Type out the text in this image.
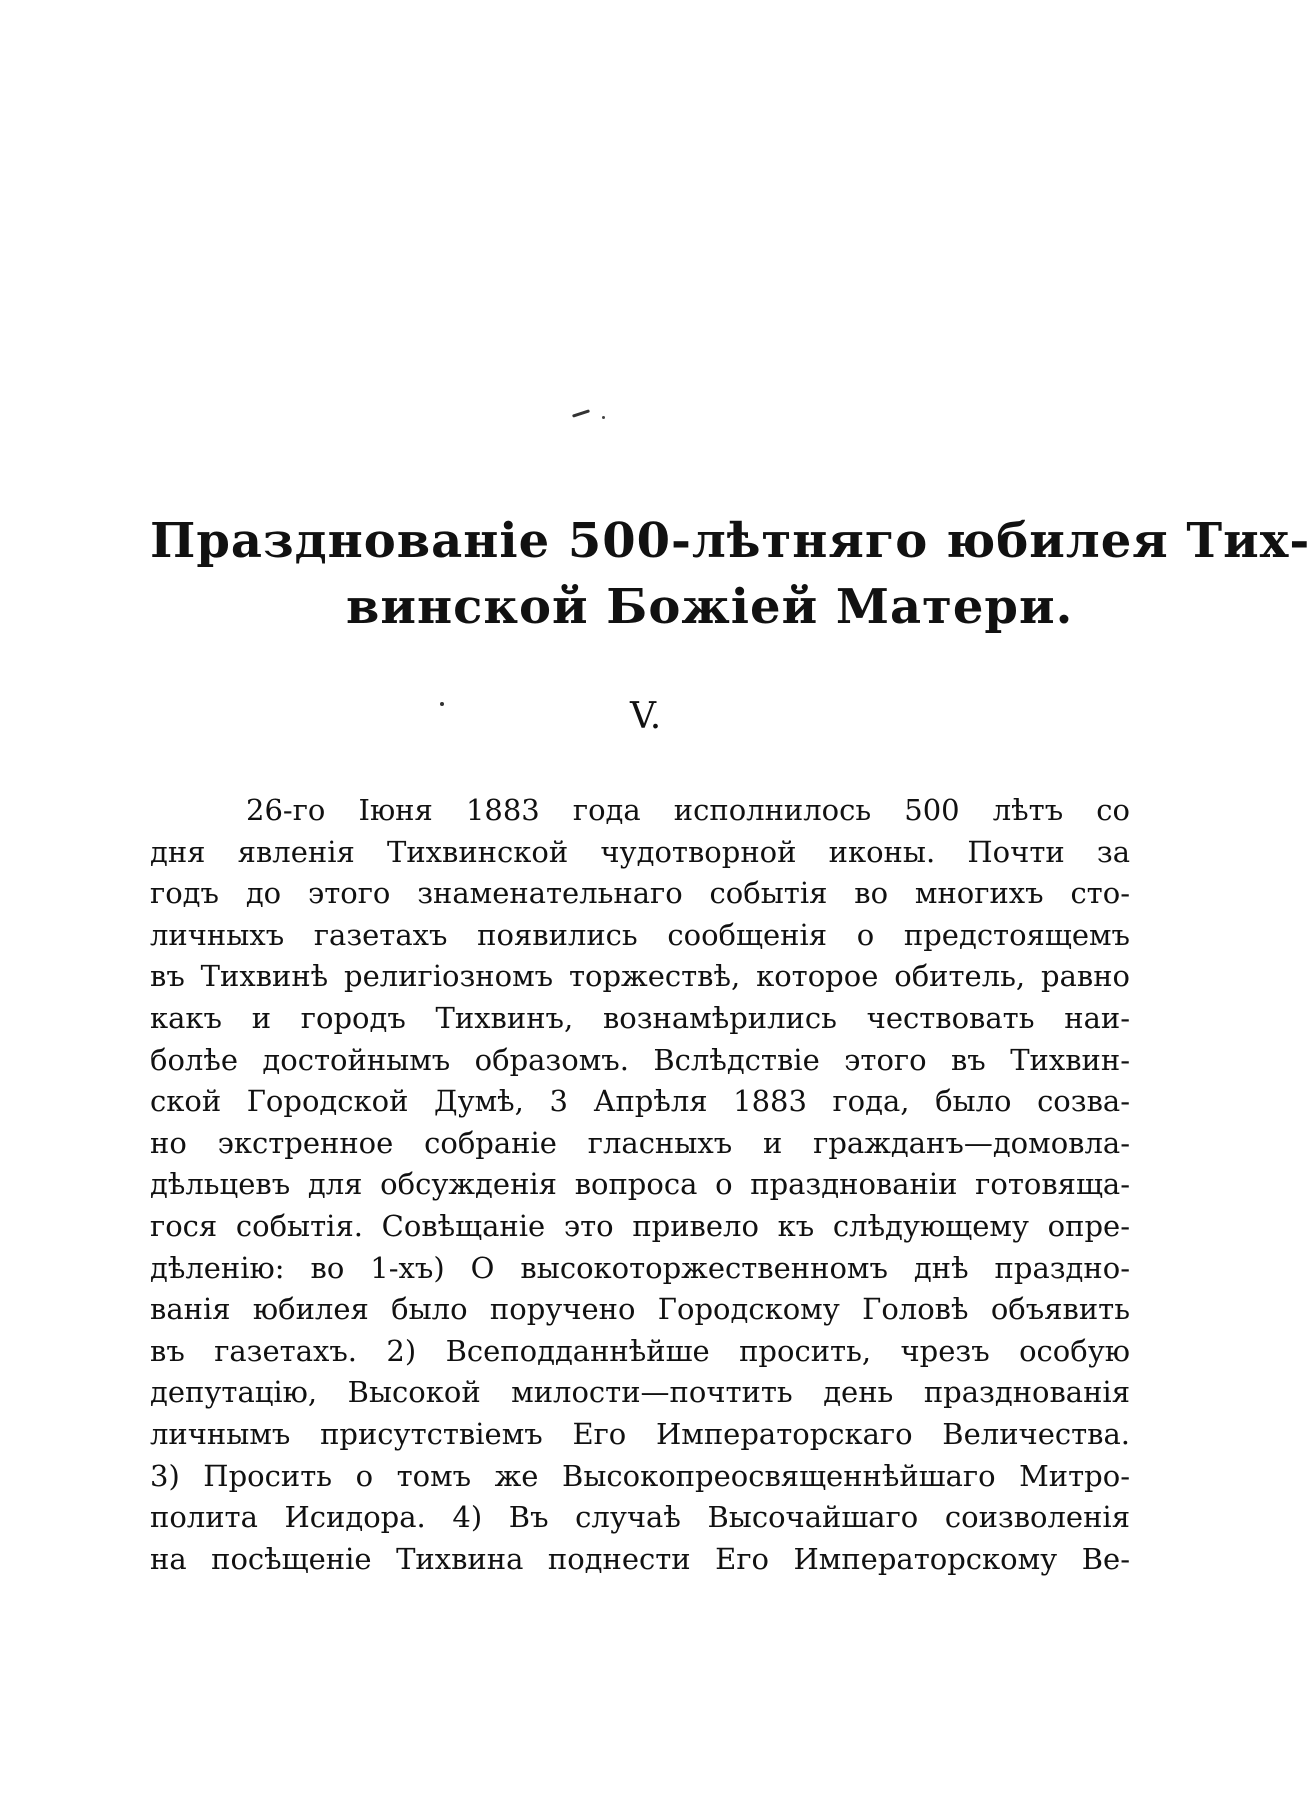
Празднованіе 500-лѣтняго юбилея Тих-
винской Божіей Матери.
V.
26-го Іюня 1883 года исполнилось 500 лѣтъ со
дня явленія Тихвинской чудотворной иконы. Почти за
годъ до этого знаменательнаго событія во многихъ сто-
личныхъ газетахъ появились сообщенія о предстоящемъ
въ Тихвинѣ религіозномъ торжествѣ, которое обитель, равно
какъ и городъ Тихвинъ, вознамѣрились чествовать наи-
болѣе достойнымъ образомъ. Вслѣдствіе этого въ Тихвин-
ской Городской Думѣ, 3 Апрѣля 1883 года, было созва-
но экстренное собраніе гласныхъ и гражданъ—домовла-
дѣльцевъ для обсужденія вопроса о празднованіи готовяща-
гося событія. Совѣщаніе это привело къ слѣдующему опре-
дѣленію: во 1-хъ) О высокоторжественномъ днѣ праздно-
ванія юбилея было поручено Городскому Головѣ объявить
въ газетахъ. 2) Всеподданнѣйше просить, чрезъ особую
депутацію, Высокой милости—почтить день празднованія
личнымъ присутствіемъ Его Императорскаго Величества.
3) Просить о томъ же Высокопреосвященнѣйшаго Митро-
полита Исидора. 4) Въ случаѣ Высочайшаго соизволенія
на посѣщеніе Тихвина поднести Его Императорскому Ве-
